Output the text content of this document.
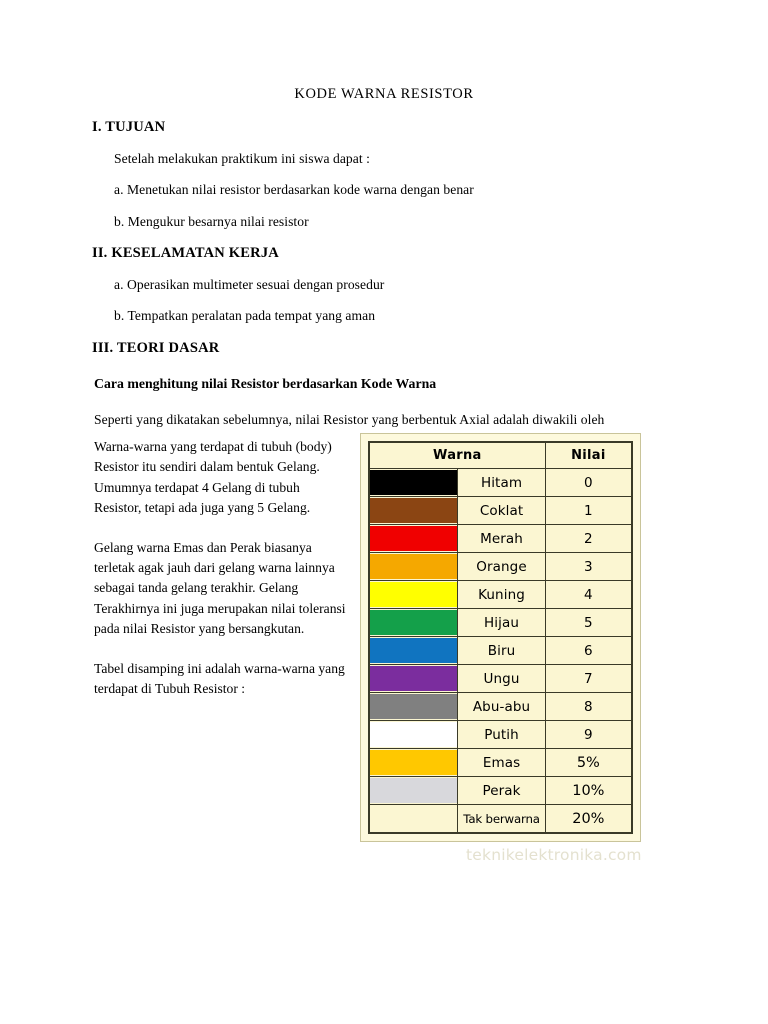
KODE WARNA RESISTOR
I. TUJUAN
Setelah melakukan praktikum ini siswa dapat :
a. Menetukan nilai resistor berdasarkan kode warna dengan benar
b. Mengukur besarnya nilai resistor
II. KESELAMATAN KERJA
a. Operasikan multimeter sesuai dengan prosedur
b. Tempatkan peralatan pada tempat yang aman
III. TEORI DASAR
Cara menghitung nilai Resistor berdasarkan Kode Warna
Seperti yang dikatakan sebelumnya, nilai Resistor yang berbentuk Axial adalah diwakili oleh

Warna-warna yang terdapat di tubuh (body) Resistor itu sendiri dalam bentuk Gelang. Umumnya terdapat 4 Gelang di tubuh Resistor, tetapi ada juga yang 5 Gelang.

Gelang warna Emas dan Perak biasanya terletak agak jauh dari gelang warna lainnya sebagai tanda gelang terakhir. Gelang Terakhirnya ini juga merupakan nilai toleransi pada nilai Resistor yang bersangkutan.

Tabel disamping ini adalah warna-warna yang terdapat di Tubuh Resistor :

Warna		Nilai

	Hitam	0

	Coklat	1

	Merah	2

	Orange	3

	Kuning	4

	Hijau	5

	Biru	6

	Ungu	7

	Abu-abu	8

	Putih	9

	Emas	5%

	Perak	10%

	Tak berwarna	20%
teknikelektronika.com
